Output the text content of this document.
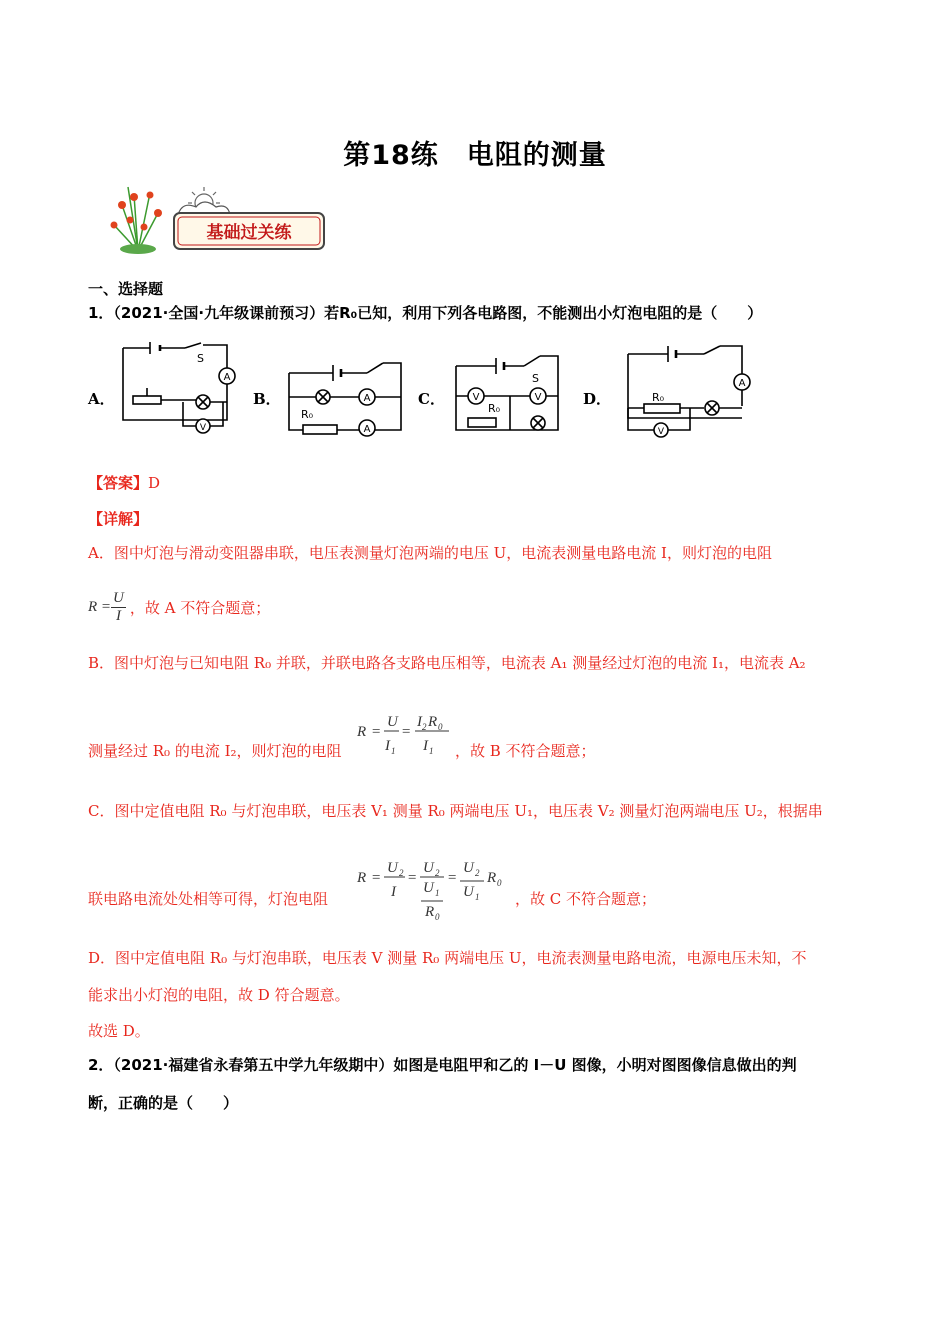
第18练　电阻的测量
基础过关练
一、选择题
1．（2021·全国·九年级课前预习）若R₀已知，利用下列各电路图，不能测出小灯泡电阻的是（　　）
A．	B．	C．	D．
A
V
S
A
A
R₀
V	V
S
R₀
A
V
R₀
【答案】D
【详解】
A．图中灯泡与滑动变阻器串联，电压表测量灯泡两端的电压 U，电流表测量电路电流 I，则灯泡的电阻
$R = \frac{U}{I}$ ，故 A 不符合题意；
B．图中灯泡与已知电阻 R₀ 并联，并联电路各支路电压相等，电流表 A₁ 测量经过灯泡的电流 I₁，电流表 A₂
测量经过 R₀ 的电流 I₂，则灯泡的电阻
R =
U
I 1
=
I 2 R 0
I 1 ，故 B 不符合题意；
C．图中定值电阻 R₀ 与灯泡串联，电压表 V₁ 测量 R₀ 两端电压 U₁，电压表 V₂ 测量灯泡两端电压 U₂，根据串
联电路电流处处相等可得，灯泡电阻
R =
U 2
I
=
U 2
U 1
R 0
=
U 2
U 1
R 0
，故 C 不符合题意；
D．图中定值电阻 R₀ 与灯泡串联，电压表 V 测量 R₀ 两端电压 U，电流表测量电路电流，电源电压未知，不
能求出小灯泡的电阻，故 D 符合题意。
故选 D。
2．（2021·福建省永春第五中学九年级期中）如图是电阻甲和乙的 I－U 图像，小明对图图像信息做出的判
断，正确的是（　　）
